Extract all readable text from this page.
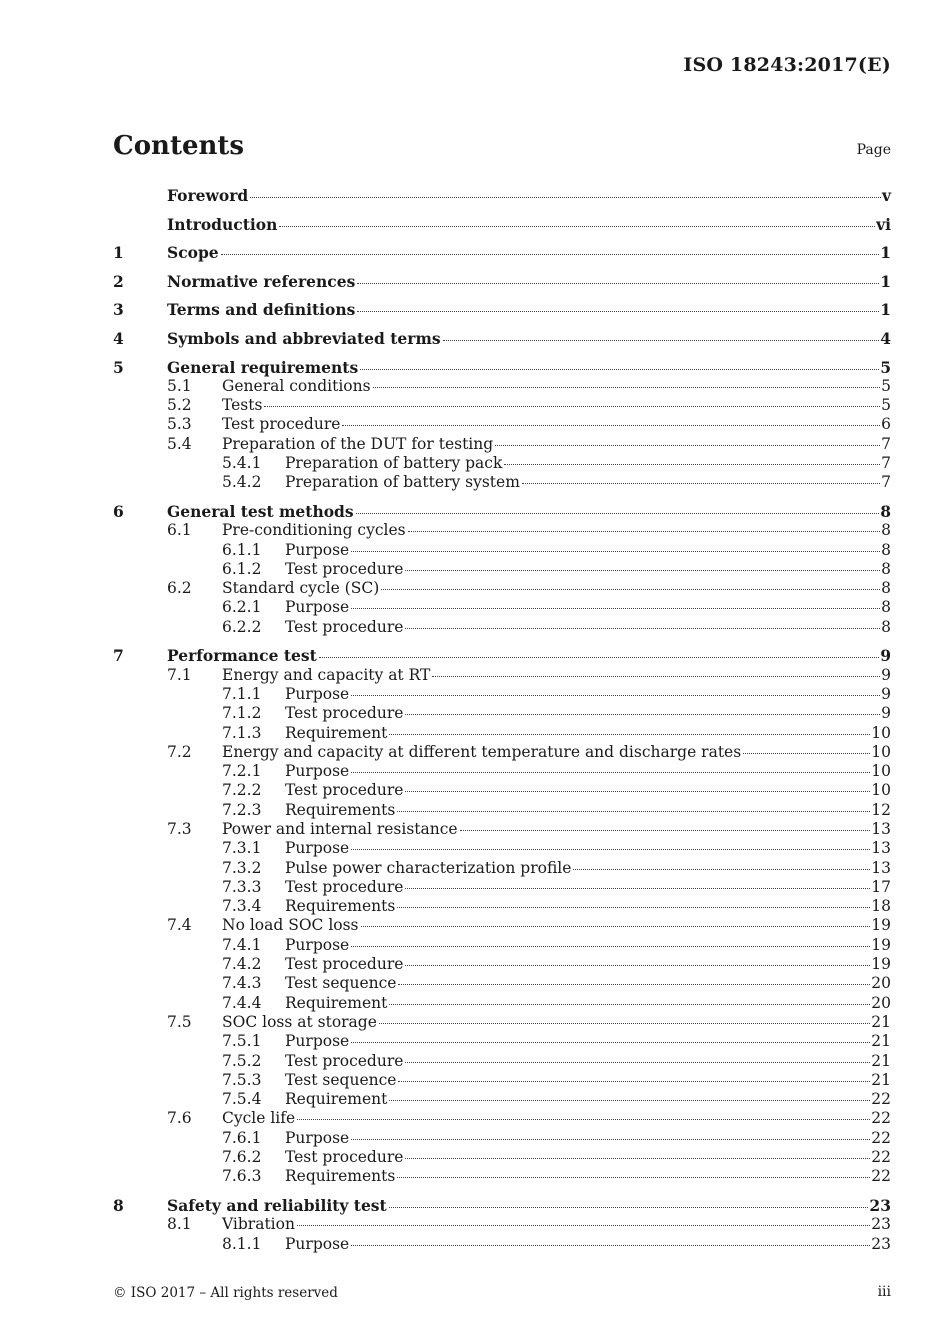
ISO 18243:2017(E)
Contents	Page
Foreword	v
Introduction	vi
1	Scope	1
2	Normative references	1
3	Terms and definitions	1
4	Symbols and abbreviated terms	4
5	General requirements	5
5.1	General conditions	5
5.2	Tests	5
5.3	Test procedure	6
5.4	Preparation of the DUT for testing	7
5.4.1	Preparation of battery pack	7
5.4.2	Preparation of battery system	7
6	General test methods	8
6.1	Pre-conditioning cycles	8
6.1.1	Purpose	8
6.1.2	Test procedure	8
6.2	Standard cycle (SC)	8
6.2.1	Purpose	8
6.2.2	Test procedure	8
7	Performance test	9
7.1	Energy and capacity at RT	9
7.1.1	Purpose	9
7.1.2	Test procedure	9
7.1.3	Requirement	10
7.2	Energy and capacity at different temperature and discharge rates	10
7.2.1	Purpose	10
7.2.2	Test procedure	10
7.2.3	Requirements	12
7.3	Power and internal resistance	13
7.3.1	Purpose	13
7.3.2	Pulse power characterization profile	13
7.3.3	Test procedure	17
7.3.4	Requirements	18
7.4	No load SOC loss	19
7.4.1	Purpose	19
7.4.2	Test procedure	19
7.4.3	Test sequence	20
7.4.4	Requirement	20
7.5	SOC loss at storage	21
7.5.1	Purpose	21
7.5.2	Test procedure	21
7.5.3	Test sequence	21
7.5.4	Requirement	22
7.6	Cycle life	22
7.6.1	Purpose	22
7.6.2	Test procedure	22
7.6.3	Requirements	22
8	Safety and reliability test	23
8.1	Vibration	23
8.1.1	Purpose	23
© ISO 2017 – All rights reserved	iii
